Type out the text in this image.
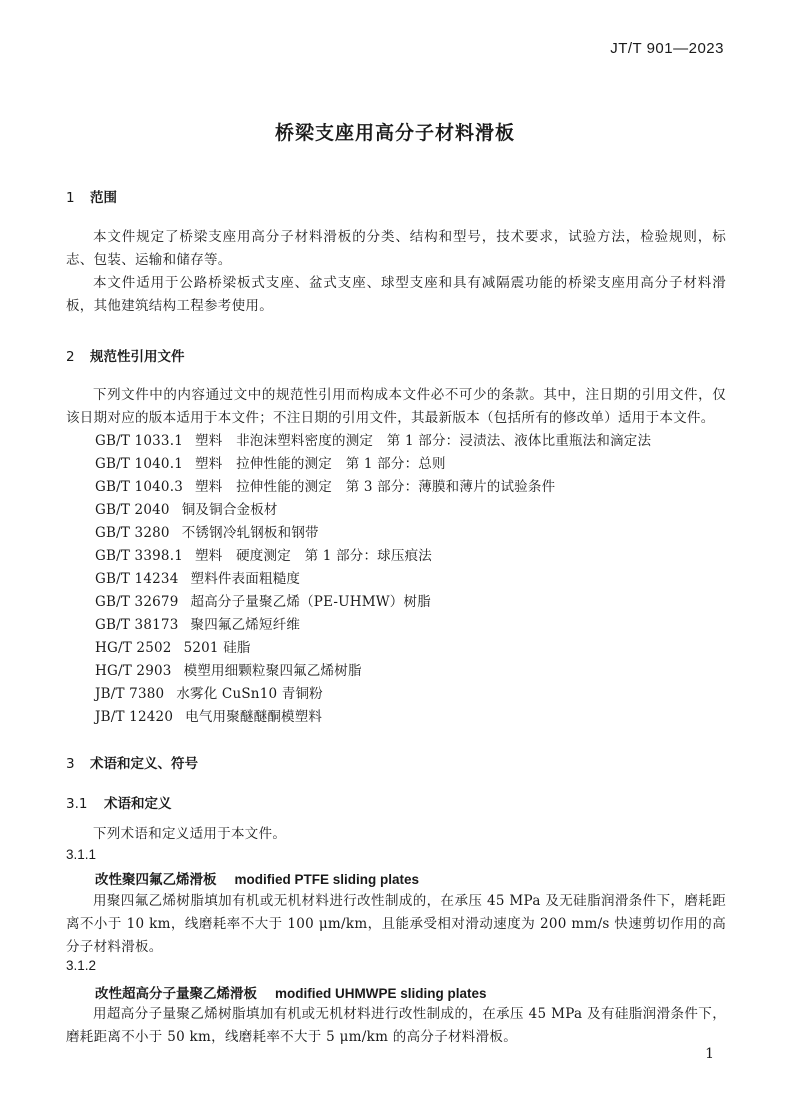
JT/T 901—2023
桥梁支座用高分子材料滑板
1 范围
本文件规定了桥梁支座用高分子材料滑板的分类、结构和型号，技术要求，试验方法，检验规则，标志、包装、运输和储存等。
本文件适用于公路桥梁板式支座、盆式支座、球型支座和具有减隔震功能的桥梁支座用高分子材料滑板，其他建筑结构工程参考使用。
2 规范性引用文件
下列文件中的内容通过文中的规范性引用而构成本文件必不可少的条款。其中，注日期的引用文件，仅该日期对应的版本适用于本文件；不注日期的引用文件，其最新版本（包括所有的修改单）适用于本文件。
GB/T 1033.1 塑料　非泡沫塑料密度的测定　第 1 部分：浸渍法、液体比重瓶法和滴定法
GB/T 1040.1 塑料　拉伸性能的测定　第 1 部分：总则
GB/T 1040.3 塑料　拉伸性能的测定　第 3 部分：薄膜和薄片的试验条件
GB/T 2040 铜及铜合金板材
GB/T 3280 不锈钢冷轧钢板和钢带
GB/T 3398.1 塑料　硬度测定　第 1 部分：球压痕法
GB/T 14234 塑料件表面粗糙度
GB/T 32679 超高分子量聚乙烯（PE-UHMW）树脂
GB/T 38173 聚四氟乙烯短纤维
HG/T 2502 5201 硅脂
HG/T 2903 模塑用细颗粒聚四氟乙烯树脂
JB/T 7380 水雾化 CuSn10 青铜粉
JB/T 12420 电气用聚醚醚酮模塑料
3 术语和定义、符号
3.1 术语和定义
下列术语和定义适用于本文件。
3.1.1
改性聚四氟乙烯滑板 modified PTFE sliding plates
用聚四氟乙烯树脂填加有机或无机材料进行改性制成的，在承压 45 MPa 及无硅脂润滑条件下，磨耗距离不小于 10 km，线磨耗率不大于 100 μm/km，且能承受相对滑动速度为 200 mm/s 快速剪切作用的高分子材料滑板。
3.1.2
改性超高分子量聚乙烯滑板 modified UHMWPE sliding plates
用超高分子量聚乙烯树脂填加有机或无机材料进行改性制成的，在承压 45 MPa 及有硅脂润滑条件下，磨耗距离不小于 50 km，线磨耗率不大于 5 μm/km 的高分子材料滑板。
1
